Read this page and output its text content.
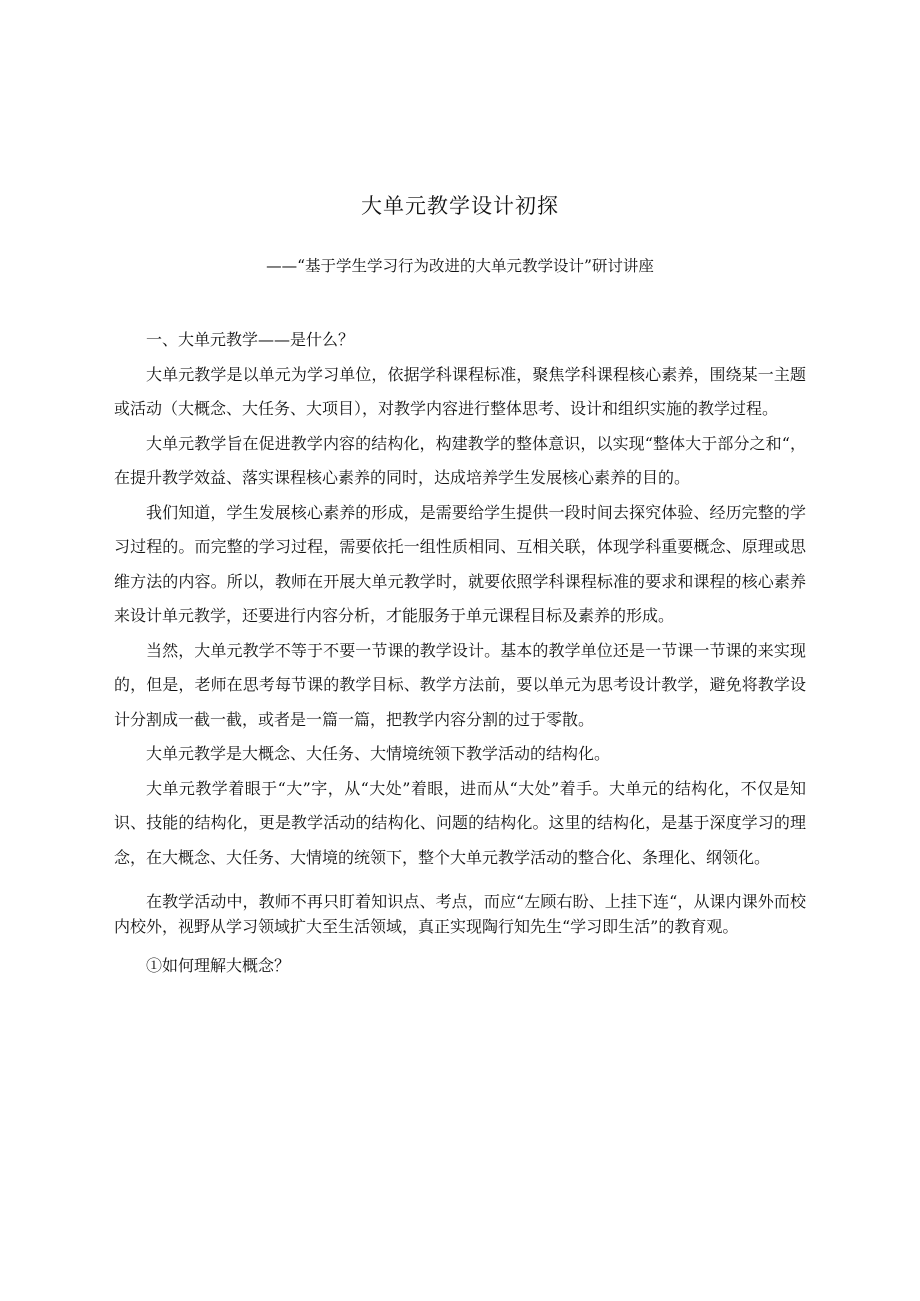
大单元教学设计初探
——“基于学生学习行为改进的大单元教学设计”研讨讲座

一、大单元教学——是什么？

大单元教学是以单元为学习单位，依据学科课程标准，聚焦学科课程核心素养，围绕某一主题或活动（大概念、大任务、大项目），对教学内容进行整体思考、设计和组织实施的教学过程。

大单元教学旨在促进教学内容的结构化，构建教学的整体意识，以实现“整体大于部分之和“，在提升教学效益、落实课程核心素养的同时，达成培养学生发展核心素养的目的。

我们知道，学生发展核心素养的形成，是需要给学生提供一段时间去探究体验、经历完整的学习过程的。而完整的学习过程，需要依托一组性质相同、互相关联，体现学科重要概念、原理或思维方法的内容。所以，教师在开展大单元教学时，就要依照学科课程标准的要求和课程的核心素养来设计单元教学，还要进行内容分析，才能服务于单元课程目标及素养的形成。

当然，大单元教学不等于不要一节课的教学设计。基本的教学单位还是一节课一节课的来实现的，但是，老师在思考每节课的教学目标、教学方法前，要以单元为思考设计教学，避免将教学设计分割成一截一截，或者是一篇一篇，把教学内容分割的过于零散。

大单元教学是大概念、大任务、大情境统领下教学活动的结构化。

大单元教学着眼于“大”字，从“大处”着眼，进而从“大处”着手。大单元的结构化，不仅是知识、技能的结构化，更是教学活动的结构化、问题的结构化。这里的结构化，是基于深度学习的理念，在大概念、大任务、大情境的统领下，整个大单元教学活动的整合化、条理化、纲领化。

在教学活动中，教师不再只盯着知识点、考点，而应“左顾右盼、上挂下连“，从课内课外而校内校外，视野从学习领域扩大至生活领域，真正实现陶行知先生“学习即生活”的教育观。

①如何理解大概念？
